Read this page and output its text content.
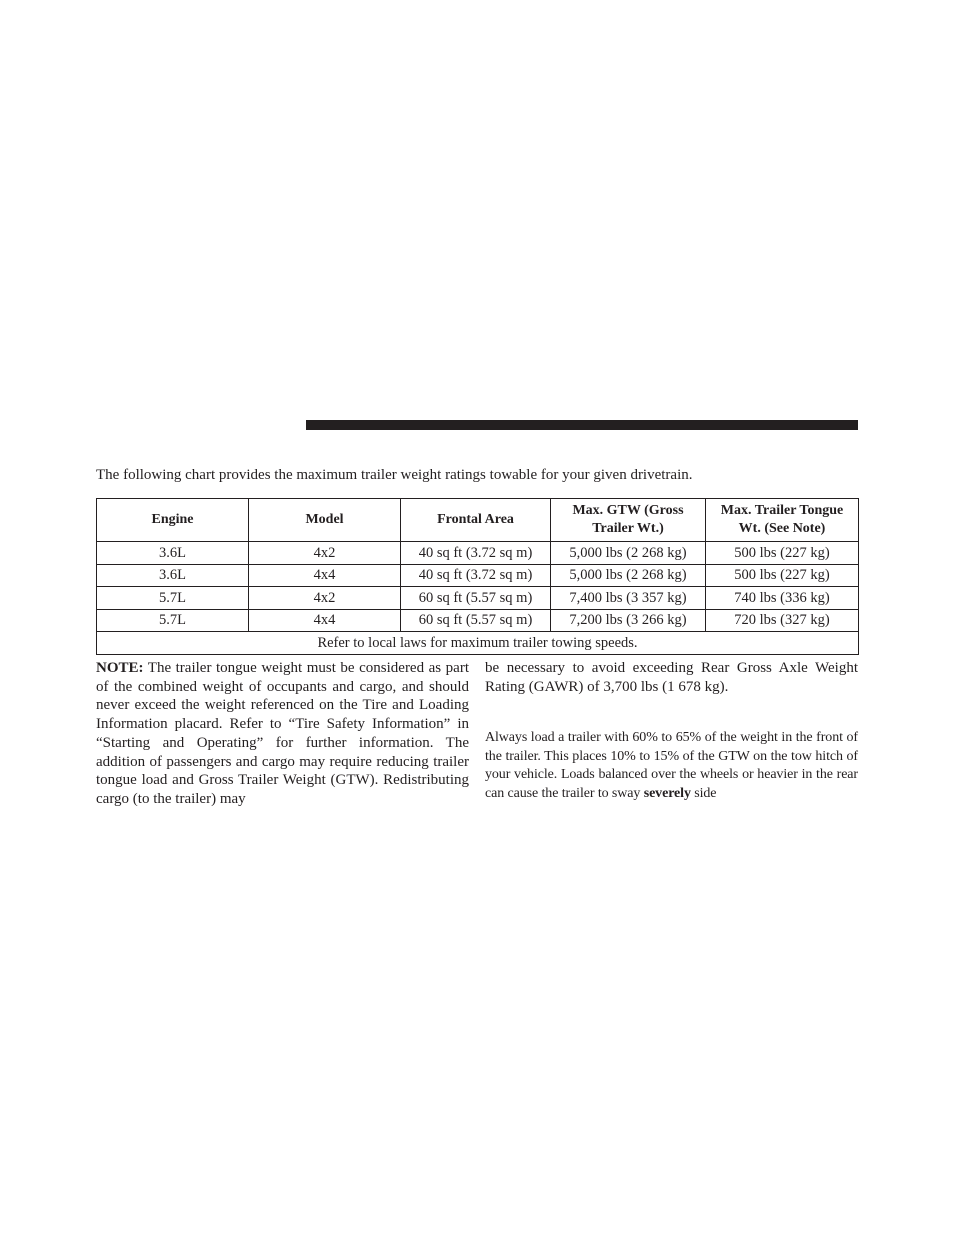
The following chart provides the maximum trailer weight ratings towable for your given drivetrain.

Engine	Model	Frontal Area	Max. GTW (Gross Trailer Wt.)	Max. Trailer Tongue Wt. (See Note)
3.6L	4x2	40 sq ft (3.72 sq m)	5,000 lbs (2 268 kg)	500 lbs (227 kg)
3.6L	4x4	40 sq ft (3.72 sq m)	5,000 lbs (2 268 kg)	500 lbs (227 kg)
5.7L	4x2	60 sq ft (5.57 sq m)	7,400 lbs (3 357 kg)	740 lbs (336 kg)
5.7L	4x4	60 sq ft (5.57 sq m)	7,200 lbs (3 266 kg)	720 lbs (327 kg)
Refer to local laws for maximum trailer towing speeds.				

NOTE: The trailer tongue weight must be considered as part of the combined weight of occupants and cargo, and should never exceed the weight referenced on the Tire and Loading Information placard. Refer to “Tire Safety Information” in “Starting and Operating” for further information. The addition of passengers and cargo may require reducing trailer tongue load and Gross Trailer Weight (GTW). Redistributing cargo (to the trailer) may

be necessary to avoid exceeding Rear Gross Axle Weight Rating (GAWR) of 3,700 lbs (1 678 kg).

Always load a trailer with 60% to 65% of the weight in the front of the trailer. This places 10% to 15% of the GTW on the tow hitch of your vehicle. Loads balanced over the wheels or heavier in the rear can cause the trailer to sway severely side
